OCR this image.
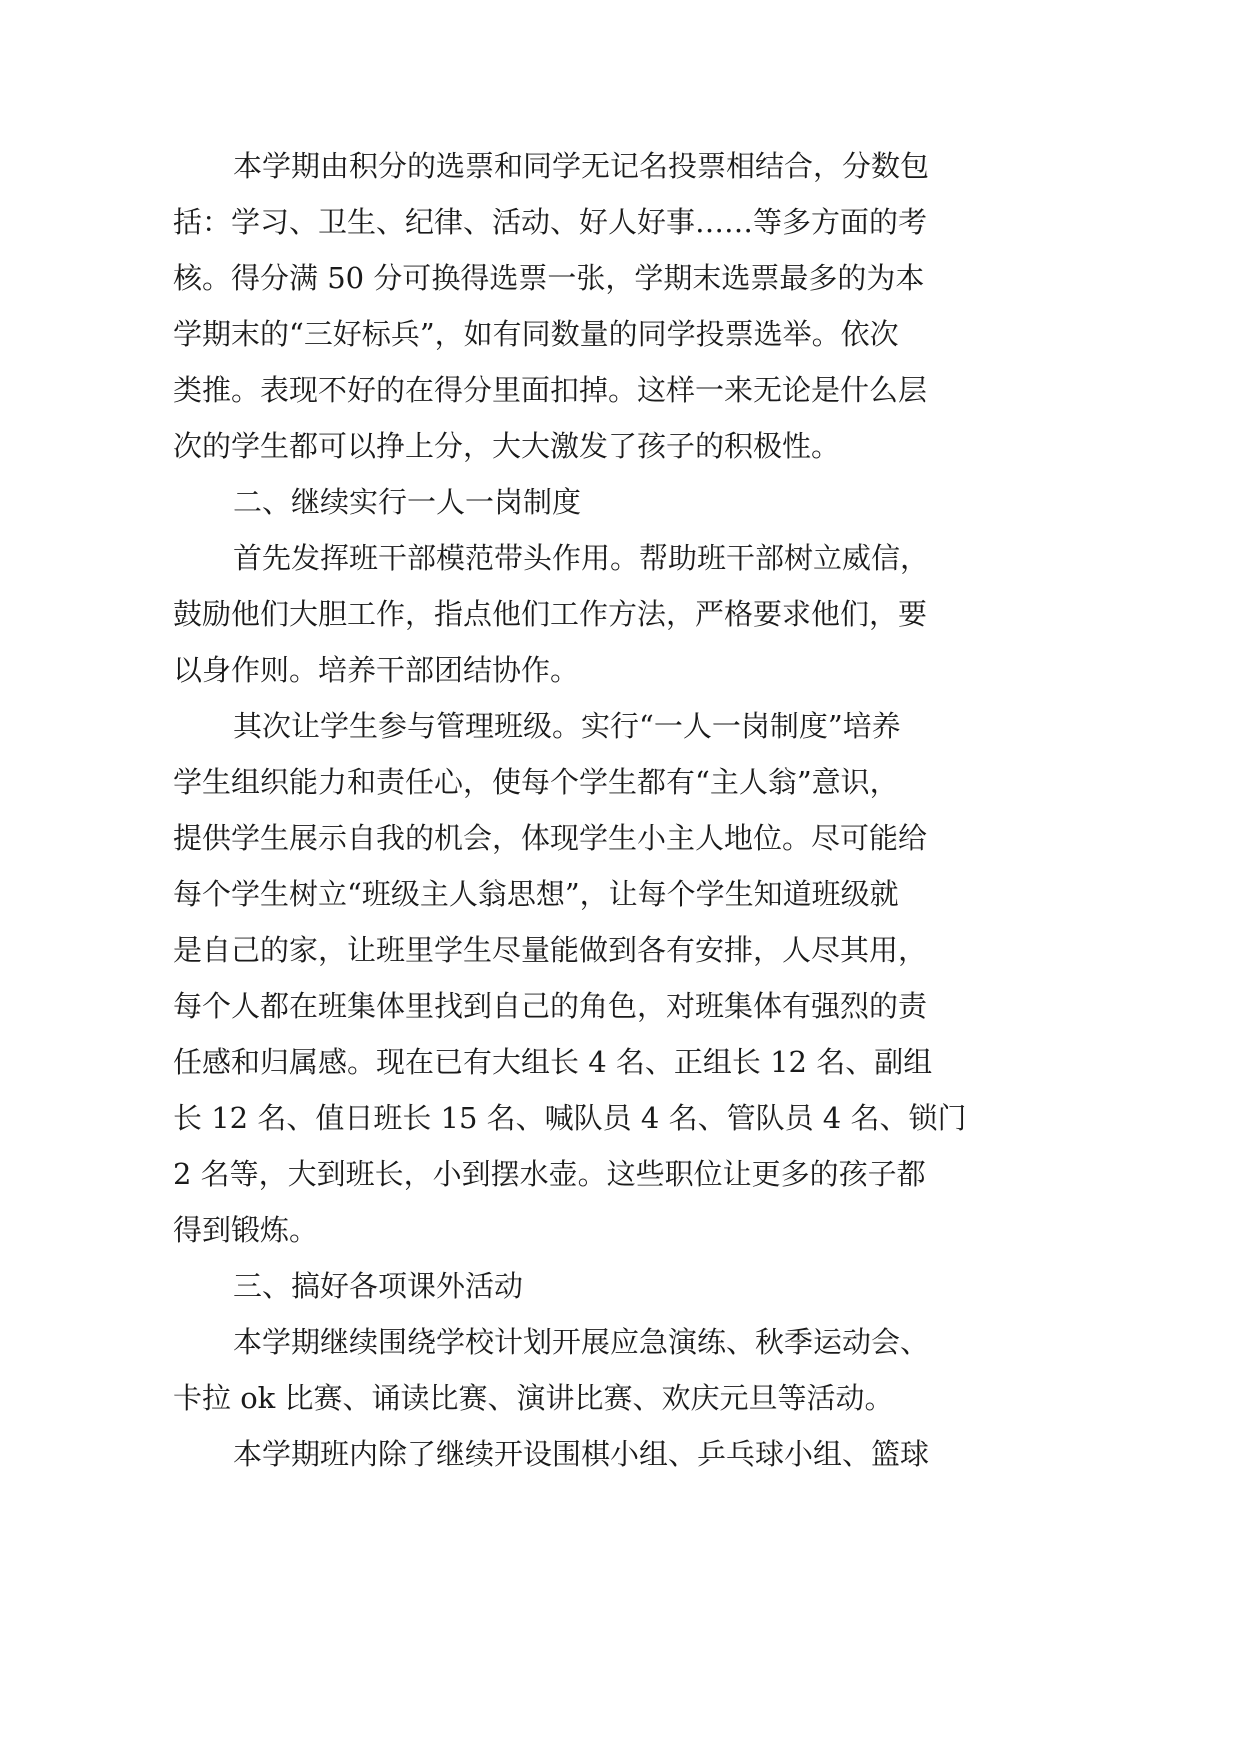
本学期由积分的选票和同学无记名投票相结合，分数包

括：学习、卫生、纪律、活动、好人好事……等多方面的考

核。得分满 50 分可换得选票一张，学期末选票最多的为本

学期末的“三好标兵”，如有同数量的同学投票选举。依次

类推。表现不好的在得分里面扣掉。这样一来无论是什么层

次的学生都可以挣上分，大大激发了孩子的积极性。

二、继续实行一人一岗制度

首先发挥班干部模范带头作用。帮助班干部树立威信，

鼓励他们大胆工作，指点他们工作方法，严格要求他们，要

以身作则。培养干部团结协作。

其次让学生参与管理班级。实行“一人一岗制度”培养

学生组织能力和责任心，使每个学生都有“主人翁”意识，

提供学生展示自我的机会，体现学生小主人地位。尽可能给

每个学生树立“班级主人翁思想”，让每个学生知道班级就

是自己的家，让班里学生尽量能做到各有安排，人尽其用，

每个人都在班集体里找到自己的角色，对班集体有强烈的责

任感和归属感。现在已有大组长 4 名、正组长 12 名、副组

长 12 名、值日班长 15 名、喊队员 4 名、管队员 4 名、锁门

2 名等，大到班长，小到摆水壶。这些职位让更多的孩子都

得到锻炼。

三、搞好各项课外活动

本学期继续围绕学校计划开展应急演练、秋季运动会、

卡拉 ok 比赛、诵读比赛、演讲比赛、欢庆元旦等活动。

本学期班内除了继续开设围棋小组、乒乓球小组、篮球
